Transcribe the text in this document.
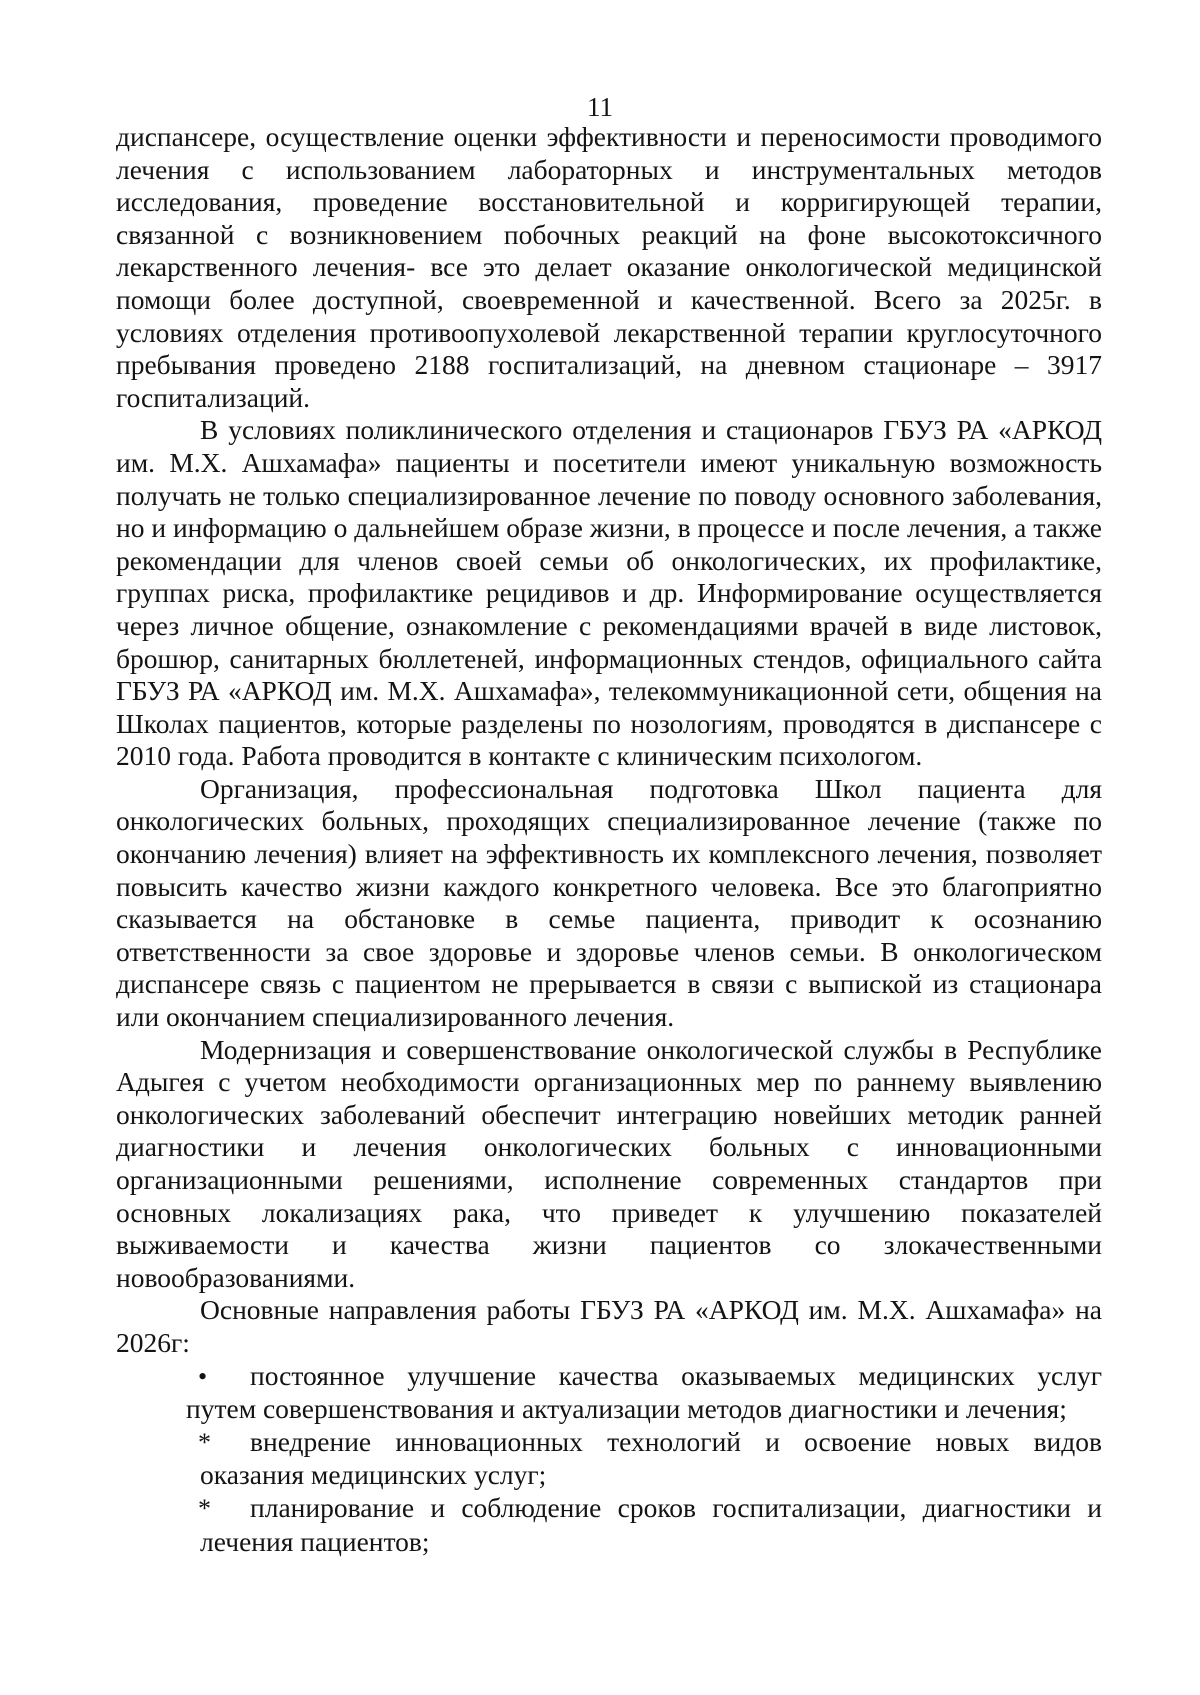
11

диспансере, осуществление оценки эффективности и переносимости проводимого лечения с использованием лабораторных и инструментальных методов исследования, проведение восстановительной и корригирующей терапии, связанной с возникновением побочных реакций на фоне высокотоксичного лекарственного лечения- все это делает оказание онкологической медицинской помощи более доступной, своевременной и качественной. Всего за 2025г. в условиях отделения противоопухолевой лекарственной терапии круглосуточного пребывания проведено 2188 госпитализаций, на дневном стационаре – 3917 госпитализаций.

В условиях поликлинического отделения и стационаров ГБУЗ РА «АРКОД им. М.Х. Ашхамафа» пациенты и посетители имеют уникальную возможность получать не только специализированное лечение по поводу основного заболевания, но и информацию о дальнейшем образе жизни, в процессе и после лечения, а также рекомендации для членов своей семьи об онкологических, их профилактике, группах риска, профилактике рецидивов и др. Информирование осуществляется через личное общение, ознакомление с рекомендациями врачей в виде листовок, брошюр, санитарных бюллетеней, информационных стендов, официального сайта ГБУЗ РА «АРКОД им. М.Х. Ашхамафа», телекоммуникационной сети, общения на Школах пациентов, которые разделены по нозологиям, проводятся в диспансере с 2010 года. Работа проводится в контакте с клиническим психологом.

Организация, профессиональная подготовка Школ пациента для онкологических больных, проходящих специализированное лечение (также по окончанию лечения) влияет на эффективность их комплексного лечения, позволяет повысить качество жизни каждого конкретного человека. Все это благоприятно сказывается на обстановке в семье пациента, приводит к осознанию ответственности за свое здоровье и здоровье членов семьи. В онкологическом диспансере связь с пациентом не прерывается в связи с выпиской из стационара или окончанием специализированного лечения.

Модернизация и совершенствование онкологической службы в Республике Адыгея с учетом необходимости организационных мер по раннему выявлению онкологических заболеваний обеспечит интеграцию новейших методик ранней диагностики и лечения онкологических больных с инновационными организационными решениями, исполнение современных стандартов при основных локализациях рака, что приведет к улучшению показателей выживаемости и качества жизни пациентов со злокачественными новообразованиями.

Основные направления работы ГБУЗ РА «АРКОД им. М.Х. Ашхамафа» на 2026г:

•	постоянное улучшение качества оказываемых медицинских услуг

путем совершенствования и актуализации методов диагностики и лечения;

*	внедрение инновационных технологий и освоение новых видов

оказания медицинских услуг;

*	планирование и соблюдение сроков госпитализации, диагностики и

лечения пациентов;
